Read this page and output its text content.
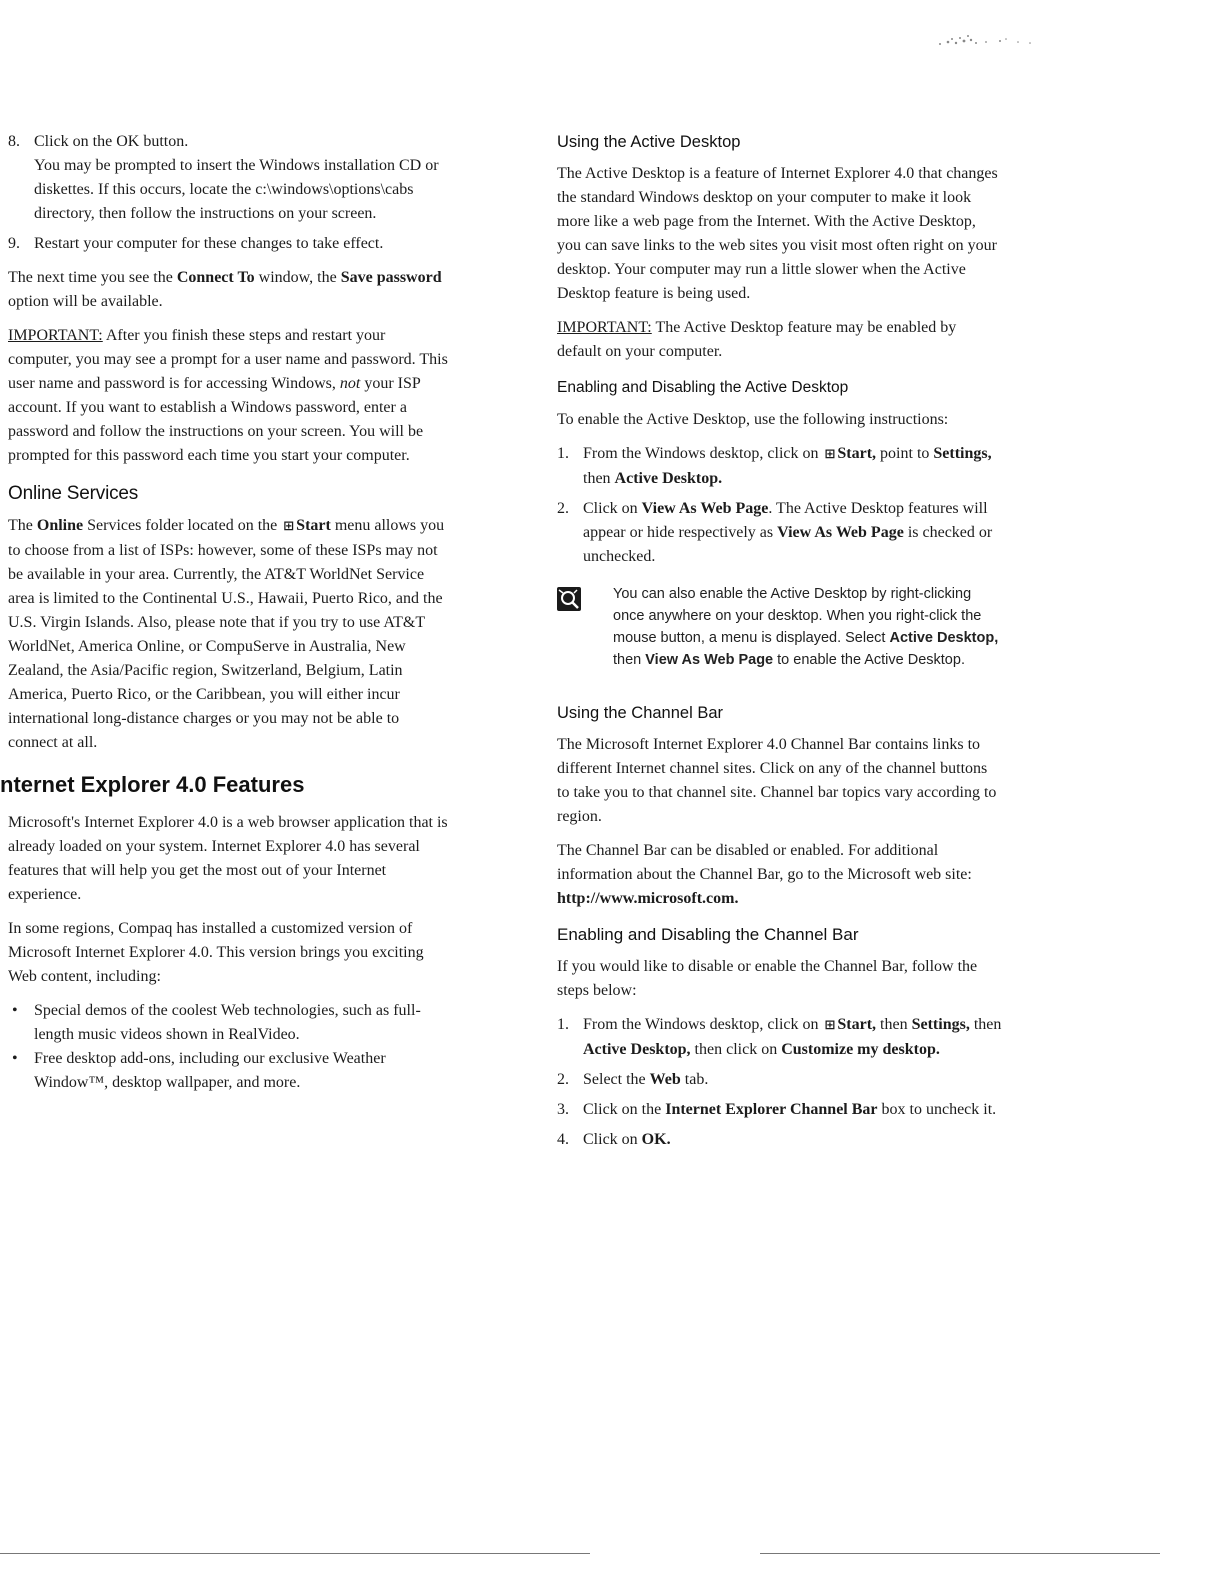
8. Click on the OK button.
You may be prompted to insert the Windows installation CD or diskettes. If this occurs, locate the c:\windows\options\cabs directory, then follow the instructions on your screen.
9. Restart your computer for these changes to take effect.

The next time you see the Connect To window, the Save password option will be available.

IMPORTANT: After you finish these steps and restart your computer, you may see a prompt for a user name and password. This user name and password is for accessing Windows, not your ISP account. If you want to establish a Windows password, enter a password and follow the instructions on your screen. You will be prompted for this password each time you start your computer.

Online Services

The Online Services folder located on the ⊞ Start menu allows you to choose from a list of ISPs: however, some of these ISPs may not be available in your area. Currently, the AT&T WorldNet Service area is limited to the Continental U.S., Hawaii, Puerto Rico, and the U.S. Virgin Islands. Also, please note that if you try to use AT&T WorldNet, America Online, or CompuServe in Australia, New Zealand, the Asia/Pacific region, Switzerland, Belgium, Latin America, Puerto Rico, or the Caribbean, you will either incur international long-distance charges or you may not be able to connect at all.

nternet Explorer 4.0 Features

Microsoft's Internet Explorer 4.0 is a web browser application that is already loaded on your system. Internet Explorer 4.0 has several features that will help you get the most out of your Internet experience.

In some regions, Compaq has installed a customized version of Microsoft Internet Explorer 4.0. This version brings you exciting Web content, including:

• Special demos of the coolest Web technologies, such as full-length music videos shown in RealVideo.
• Free desktop add-ons, including our exclusive Weather Window™, desktop wallpaper, and more.
Using the Active Desktop

The Active Desktop is a feature of Internet Explorer 4.0 that changes the standard Windows desktop on your computer to make it look more like a web page from the Internet. With the Active Desktop, you can save links to the web sites you visit most often right on your desktop. Your computer may run a little slower when the Active Desktop feature is being used.

IMPORTANT: The Active Desktop feature may be enabled by default on your computer.

Enabling and Disabling the Active Desktop

To enable the Active Desktop, use the following instructions:

1. From the Windows desktop, click on ⊞ Start, point to Settings, then Active Desktop.
2. Click on View As Web Page. The Active Desktop features will appear or hide respectively as View As Web Page is checked or unchecked.
You can also enable the Active Desktop by right-clicking once anywhere on your desktop. When you right-click the mouse button, a menu is displayed. Select Active Desktop, then View As Web Page to enable the Active Desktop.
Using the Channel Bar

The Microsoft Internet Explorer 4.0 Channel Bar contains links to different Internet channel sites. Click on any of the channel buttons to take you to that channel site. Channel bar topics vary according to region.

The Channel Bar can be disabled or enabled. For additional information about the Channel Bar, go to the Microsoft web site:
http://www.microsoft.com.

Enabling and Disabling the Channel Bar

If you would like to disable or enable the Channel Bar, follow the steps below:

1. From the Windows desktop, click on ⊞ Start, then Settings, then Active Desktop, then click on Customize my desktop.
2. Select the Web tab.
3. Click on the Internet Explorer Channel Bar box to uncheck it.
4. Click on OK.
